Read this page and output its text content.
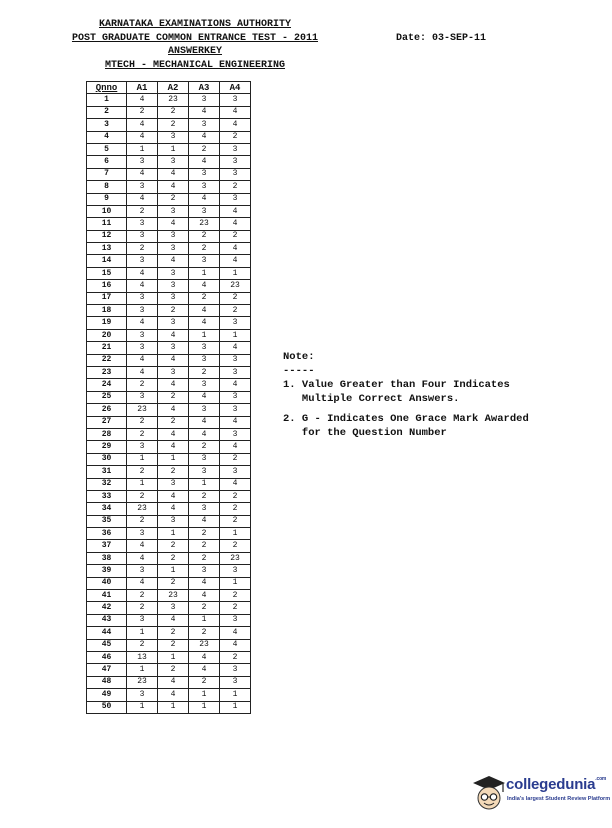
KARNATAKA EXAMINATIONS AUTHORITY
POST GRADUATE COMMON ENTRANCE TEST - 2011
ANSWERKEY
MTECH - MECHANICAL ENGINEERING
Date: 03-SEP-11
Qnno	A1	A2	A3	A4
1	4	23	3	3
2	2	2	4	4
3	4	2	3	4
4	4	3	4	2
5	1	1	2	3
6	3	3	4	3
7	4	4	3	3
8	3	4	3	2
9	4	2	4	3
10	2	3	3	4
11	3	4	23	4
12	3	3	2	2
13	2	3	2	4
14	3	4	3	4
15	4	3	1	1
16	4	3	4	23
17	3	3	2	2
18	3	2	4	2
19	4	3	4	3
20	3	4	1	1
21	3	3	3	4
22	4	4	3	3
23	4	3	2	3
24	2	4	3	4
25	3	2	4	3
26	23	4	3	3
27	2	2	4	4
28	2	4	4	3
29	3	4	2	4
30	1	1	3	2
31	2	2	3	3
32	1	3	1	4
33	2	4	2	2
34	23	4	3	2
35	2	3	4	2
36	3	1	2	1
37	4	2	2	2
38	4	2	2	23
39	3	1	3	3
40	4	2	4	1
41	2	23	4	2
42	2	3	2	2
43	3	4	1	3
44	1	2	2	4
45	2	2	23	4
46	13	1	4	2
47	1	2	4	3
48	23	4	2	3
49	3	4	1	1
50	1	1	1	1

Note:

-----

1. Value Greater than Four Indicates

Multiple Correct Answers.

2. G - Indicates One Grace Mark Awarded

for the Question Number

collegedunia$^{.com}$
India's largest Student Review Platform
